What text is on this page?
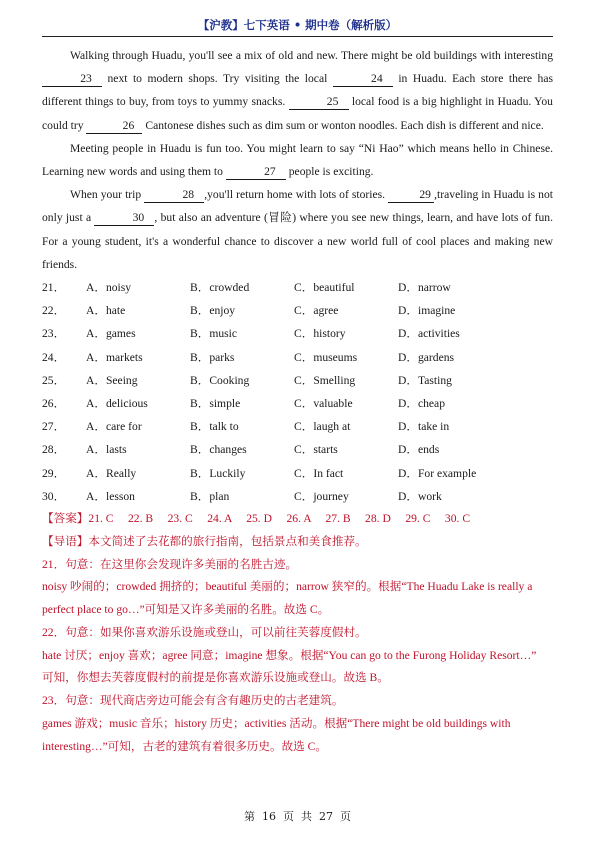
【沪教】七下英语 • 期中卷（解析版）

Walking through Huadu, you'll see a mix of old and new. There might be old buildings with interesting 23 next to modern shops. Try visiting the local	24 in Huadu. Each store there has different things to buy, from toys to yummy snacks.	25 local food is a big highlight in Huadu. You could try	26 Cantonese dishes such as dim sum or wonton noodles. Each dish is different and nice.

Meeting people in Huadu is fun too. You might learn to say “Ni Hao” which means hello in Chinese. Learning new words and using them to	27 people is exciting.

When your trip	28 ,you'll return home with lots of stories.	29 ,traveling in Huadu is not only just a	30 , but also an adventure (冒险) where you see new things, learn, and have lots of fun. For a young student, it's a wonderful chance to discover a new world full of cool places and making new friends.

21．	A．noisy	B．crowded	C．beautiful	D．narrow
22．	A．hate	B．enjoy	C．agree	D．imagine
23．	A．games	B．music	C．history	D．activities
24．	A．markets	B．parks	C．museums	D．gardens
25．	A．Seeing	B．Cooking	C．Smelling	D．Tasting
26．	A．delicious	B．simple	C．valuable	D．cheap
27．	A．care for	B．talk to	C．laugh at	D．take in
28．	A．lasts	B．changes	C．starts	D．ends
29．	A．Really	B．Luckily	C．In fact	D．For example
30．	A．lesson	B．plan	C．journey	D．work

【答案】21. C     22. B     23. C     24. A     25. D     26. A     27. B     28. D     29. C     30. C

【导语】本文简述了去花都的旅行指南，包括景点和美食推荐。

21．句意：在这里你会发现许多美丽的名胜古迹。

noisy 吵闹的；crowded 拥挤的；beautiful 美丽的；narrow 狭窄的。根据“The Huadu Lake is really a

perfect place to go…”可知是又许多美丽的名胜。故选 C。

22．句意：如果你喜欢游乐设施或登山，可以前往芙蓉度假村。

hate 讨厌；enjoy 喜欢；agree 同意；imagine 想象。根据“You can go to the Furong Holiday Resort…”

可知，你想去芙蓉度假村的前提是你喜欢游乐设施或登山。故选 B。

23．句意：现代商店旁边可能会有含有趣历史的古老建筑。

games 游戏；music 音乐；history 历史；activities 活动。根据“There might be old buildings with

interesting…”可知，古老的建筑有着很多历史。故选 C。

第  16  页  共  27  页
